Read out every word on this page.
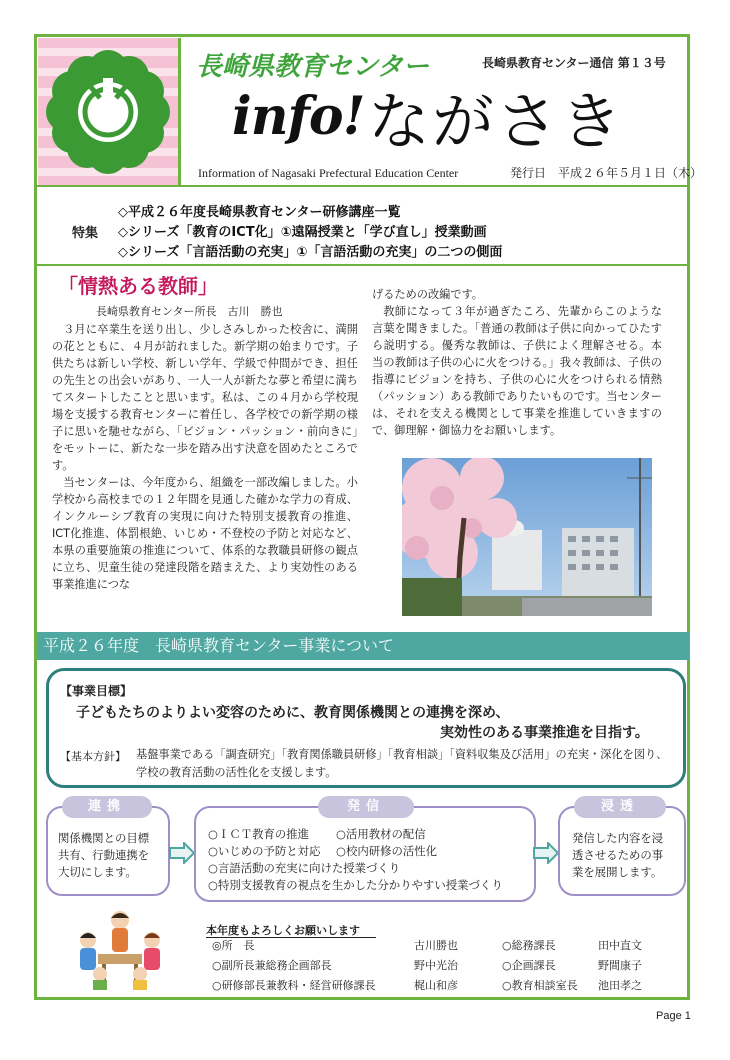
長崎県教育センター	長崎県教育センター通信 第１３号
info! ながさき
Information of Nagasaki Prefectural Education Center	発行日　平成２６年５月１日（木）
特集
◇平成２６年度長崎県教育センター研修講座一覧
◇シリーズ「教育のICT化」①遠隔授業と「学び直し」授業動画
◇シリーズ「言語活動の充実」①「言語活動の充実」の二つの側面
「情熱ある教師」
長崎県教育センター所長　古川　勝也

３月に卒業生を送り出し、少しさみしかった校舎に、満開の花とともに、４月が訪れました。新学期の始まりです。子供たちは新しい学校、新しい学年、学級で仲間ができ、担任の先生との出会いがあり、一人一人が新たな夢と希望に満ちてスタートしたことと思います。私は、この４月から学校現場を支援する教育センターに着任し、各学校での新学期の様子に思いを馳せながら、「ビジョン・パッション・前向きに」をモットーに、新たな一歩を踏み出す決意を固めたところです。

当センターは、今年度から、組織を一部改編しました。小学校から高校までの１２年間を見通した確かな学力の育成、インクルーシブ教育の実現に向けた特別支援教育の推進、ICT化推進、体罰根絶、いじめ・不登校の予防と対応など、本県の重要施策の推進について、体系的な教職員研修の観点に立ち、児童生徒の発達段階を踏まえた、より実効性のある事業推進につな

げるための改編です。

教師になって３年が過ぎたころ、先輩からこのような言葉を聞きました。「普通の教師は子供に向かってひたすら説明する。優秀な教師は、子供によく理解させる。本当の教師は子供の心に火をつける。」我々教師は、子供の指導にビジョンを持ち、子供の心に火をつけられる情熱（パッション）ある教師でありたいものです。当センターは、それを支える機関として事業を推進していきますので、御理解・御協力をお願いします。

平成２６年度　長崎県教育センター事業について
【事業目標】
子どもたちのよりよい変容のために、教育関係機関との連携を深め、
実効性のある事業推進を目指す。
【基本方針】 基盤事業である「調査研究」「教育関係職員研修」「教育相談」「資料収集及び活用」の充実・深化を図り、学校の教育活動の活性化を支援します。
連携
関係機関との目標
共有、行動連携を
大切にします。
発信
○ＩＣＴ教育の推進 ○活用教材の配信
○いじめの予防と対応 ○校内研修の活性化
○言語活動の充実に向けた授業づくり
○特別支援教育の視点を生かした分かりやすい授業づくり
浸透
発信した内容を浸
透させるための事
業を展開します。
本年度もよろしくお願いします
◎所　長
○副所長兼総務企画部長
○研修部長兼教科・経営研修課長
古川勝也
野中光治
梶山和彦
○総務課長
○企画課長
○教育相談室長
田中直文
野間康子
池田孝之
Page 1
